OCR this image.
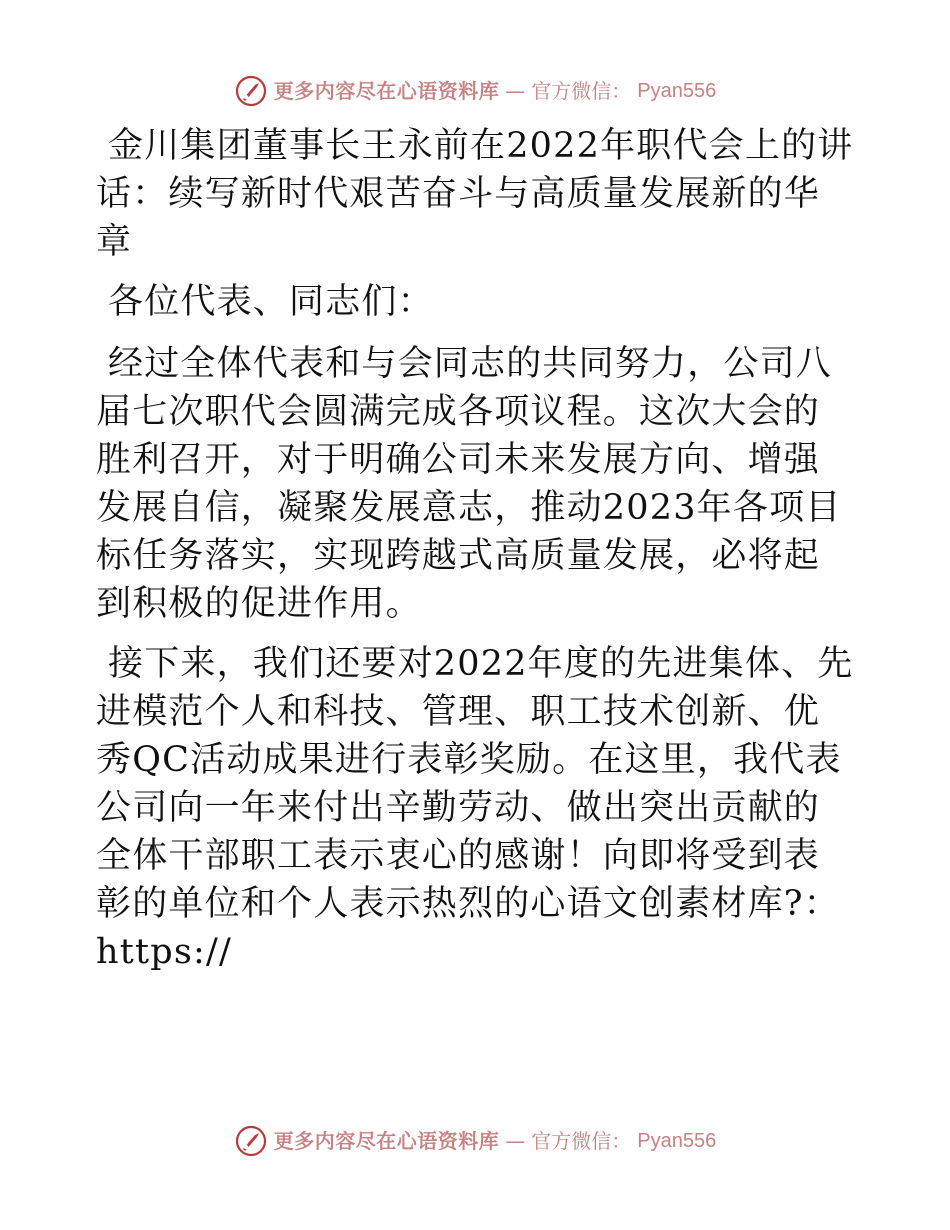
更多内容尽在心语资料库 — 官方微信： Pyan556
金川集团董事长王永前在2022年职代会上的讲
话：续写新时代艰苦奋斗与高质量发展新的华章

各位代表、同志们：

经过全体代表和与会同志的共同努力，公司八届七次职代会圆满完成各项议程。这次大会的胜利召开，对于明确公司未来发展方向、增强发展自信，凝聚发展意志，推动2023年各项目标任务落实，实现跨越式高质量发展，必将起到积极的促进作用。

接下来，我们还要对2022年度的先进集体、先进模范个人和科技、管理、职工技术创新、优秀QC活动成果进行表彰奖励。在这里，我代表公司向一年来付出辛勤劳动、做出突出贡献的全体干部职工表示衷心的感谢！向即将受到表彰的单位和个人表示热烈的心语文创素材库?：https://

更多内容尽在心语资料库 — 官方微信： Pyan556
